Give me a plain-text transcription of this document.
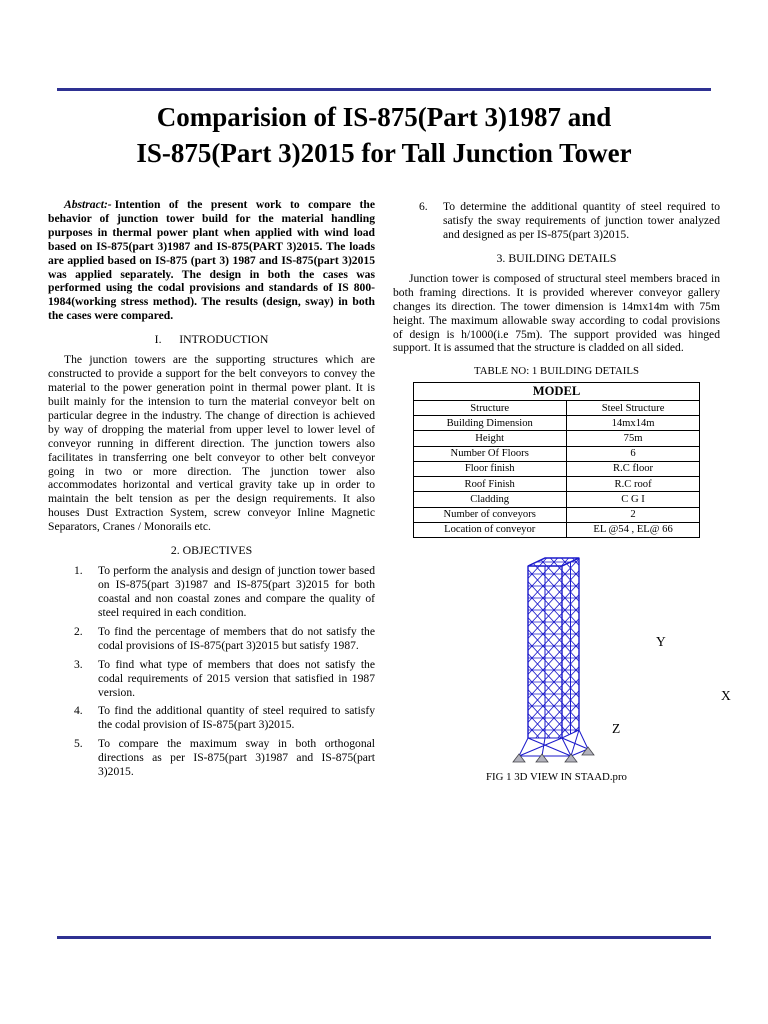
Comparision of IS-875(Part 3)1987 and
IS-875(Part 3)2015 for Tall Junction Tower

Abstract:- Intention of the present work to compare the behavior of junction tower build for the material handling purposes in thermal power plant when applied with wind load based on IS-875(part 3)1987 and IS-875(PART 3)2015. The loads are applied based on IS-875 (part 3) 1987 and IS-875(part 3)2015 was applied separately. The design in both the cases was performed using the codal provisions and standards of IS 800-1984(working stress method). The results (design, sway) in both the cases were compared.

I.      INTRODUCTION

The junction towers are the supporting structures which are constructed to provide a support for the belt conveyors to convey the material to the power generation point in thermal power plant. It is built mainly for the intension to turn the material conveyor belt on particular degree in the industry. The change of direction is achieved by way of dropping the material from upper level to lower level of conveyor running in different direction. The junction towers also facilitates in transferring one belt conveyor to other belt conveyor going in two or more direction. The junction tower also accommodates horizontal and vertical gravity take up in order to maintain the belt tension as per the design requirements. It also houses Dust Extraction System, screw conveyor Inline Magnetic Separators, Cranes / Monorails etc.

2. OBJECTIVES
1.	To perform the analysis and design of junction tower based on IS-875(part 3)1987 and IS-875(part 3)2015 for both coastal and non coastal zones and compare the quality of steel required in each condition.
2.	To find the percentage of members that do not satisfy the codal provisions of IS-875(part 3)2015 but satisfy 1987.
3.	To find what type of members that does not satisfy the codal requirements of 2015 version that satisfied in 1987 version.
4.	To find the additional quantity of steel required to satisfy the codal provision of IS-875(part 3)2015.
5.	To compare the maximum sway in both orthogonal directions as per IS-875(part 3)1987 and IS-875(part 3)2015.
6.	To determine the additional quantity of steel required to satisfy the sway requirements of junction tower analyzed and designed as per IS-875(part 3)2015.
3. BUILDING DETAILS

Junction tower is composed of structural steel members braced in both framing directions. It is provided wherever conveyor gallery changes its direction. The tower dimension is 14mx14m with 75m height. The maximum allowable sway according to codal provisions of design is h/1000(i.e 75m). The support provided was hinged support. It is assumed that the structure is cladded on all sided.

TABLE NO: 1 BUILDING DETAILS
MODEL	
Structure	Steel Structure
Building Dimension	14mx14m
Height	75m
Number Of Floors	6
Floor finish	R.C floor
Roof Finish	R.C roof
Cladding	C G I
Number of conveyors	2
Location of conveyor	EL @54 , EL@ 66
Y
X
Z
FIG 1 3D VIEW IN STAAD.pro
